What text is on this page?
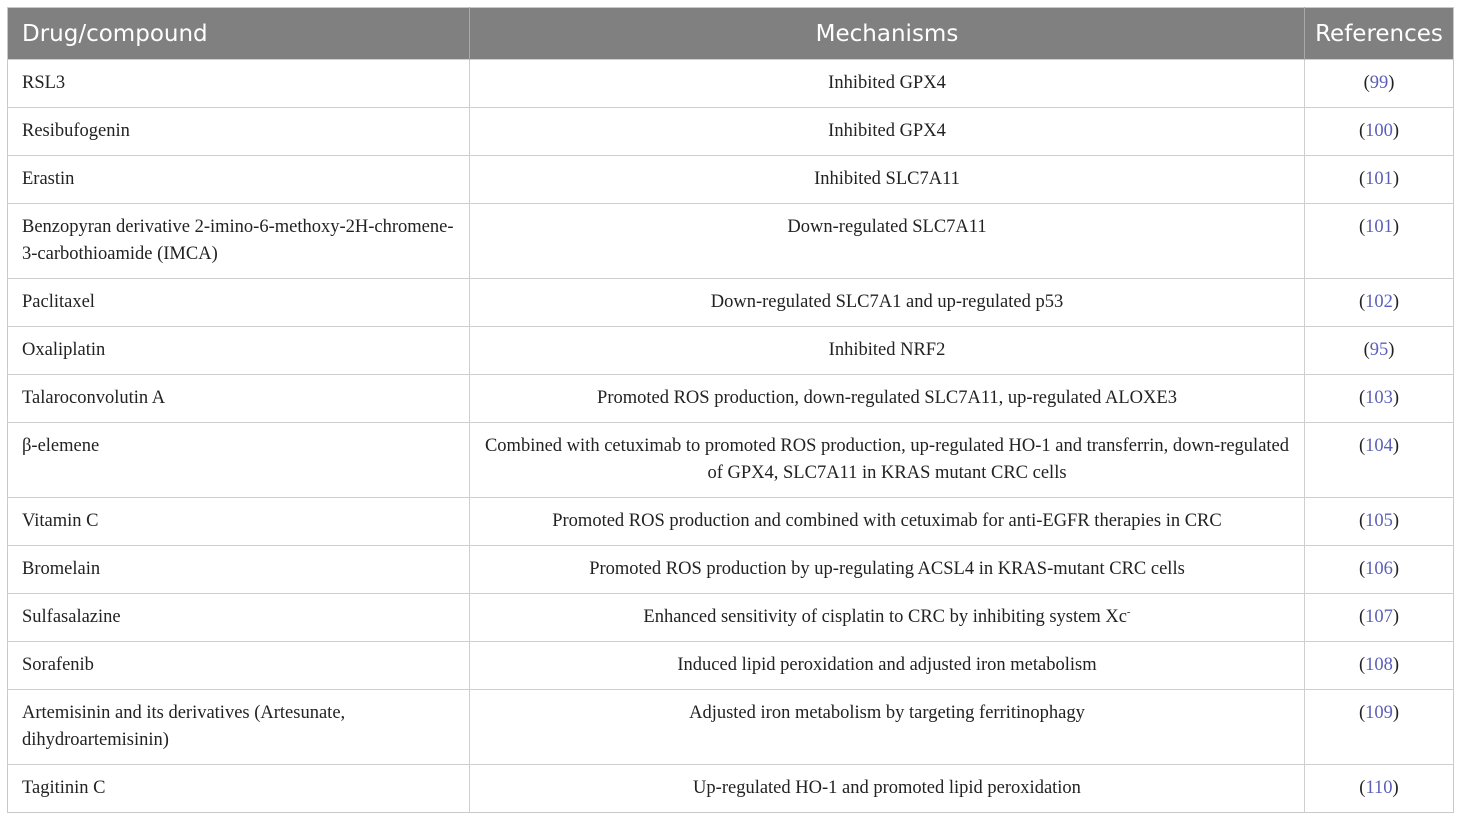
Drug/compound	Mechanisms	References
RSL3	Inhibited GPX4	(99)
Resibufogenin	Inhibited GPX4	(100)
Erastin	Inhibited SLC7A11	(101)
Benzopyran derivative 2-imino-6-methoxy-2H-chromene-3-carbothioamide (IMCA)	Down-regulated SLC7A11	(101)
Paclitaxel	Down-regulated SLC7A1 and up-regulated p53	(102)
Oxaliplatin	Inhibited NRF2	(95)
Talaroconvolutin A	Promoted ROS production, down-regulated SLC7A11, up-regulated ALOXE3	(103)
β-elemene	Combined with cetuximab to promoted ROS production, up-regulated HO-1 and transferrin, down-regulated of GPX4, SLC7A11 in KRAS mutant CRC cells	(104)
Vitamin C	Promoted ROS production and combined with cetuximab for anti-EGFR therapies in CRC	(105)
Bromelain	Promoted ROS production by up-regulating ACSL4 in KRAS-mutant CRC cells	(106)
Sulfasalazine	Enhanced sensitivity of cisplatin to CRC by inhibiting system Xc-	(107)
Sorafenib	Induced lipid peroxidation and adjusted iron metabolism	(108)
Artemisinin and its derivatives (Artesunate, dihydroartemisinin)	Adjusted iron metabolism by targeting ferritinophagy	(109)
Tagitinin C	Up-regulated HO-1 and promoted lipid peroxidation	(110)
